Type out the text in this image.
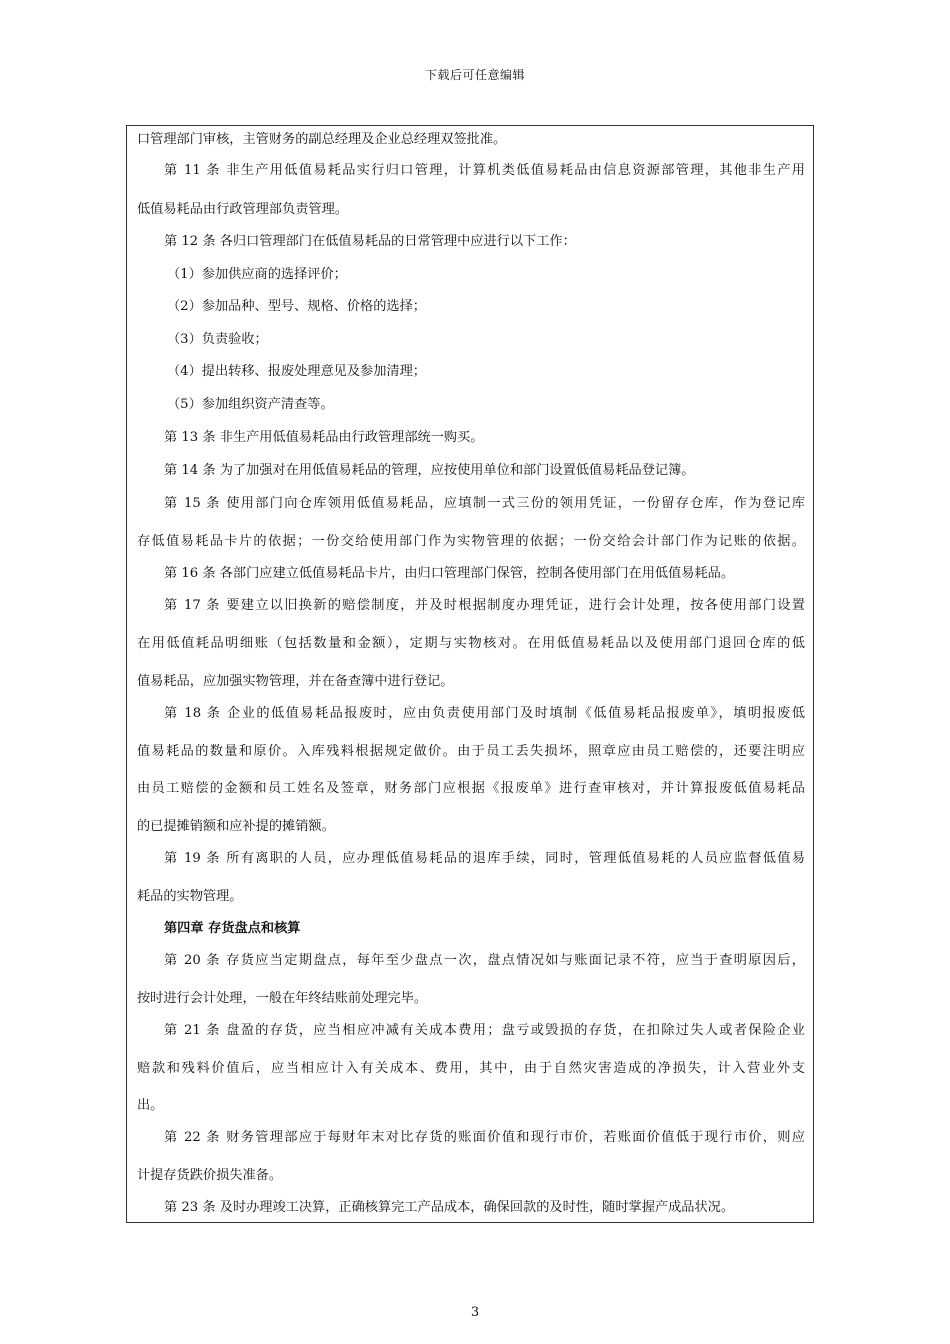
下载后可任意编辑
口管理部门审核，主管财务的副总经理及企业总经理双签批准。
第 11 条 非生产用低值易耗品实行归口管理，计算机类低值易耗品由信息资源部管理，其他非生产用
低值易耗品由行政管理部负责管理。
第 12 条 各归口管理部门在低值易耗品的日常管理中应进行以下工作：
（1）参加供应商的选择评价；
（2）参加品种、型号、规格、价格的选择；
（3）负责验收；
（4）提出转移、报废处理意见及参加清理；
（5）参加组织资产清查等。
第 13 条 非生产用低值易耗品由行政管理部统一购买。
第 14 条 为了加强对在用低值易耗品的管理，应按使用单位和部门设置低值易耗品登记簿。
第 15 条 使用部门向仓库领用低值易耗品，应填制一式三份的领用凭证，一份留存仓库，作为登记库
存低值易耗品卡片的依据；一份交给使用部门作为实物管理的依据；一份交给会计部门作为记账的依据。
第 16 条 各部门应建立低值易耗品卡片，由归口管理部门保管，控制各使用部门在用低值易耗品。
第 17 条 要建立以旧换新的赔偿制度，并及时根据制度办理凭证，进行会计处理，按各使用部门设置
在用低值耗品明细账（包括数量和金额），定期与实物核对。在用低值易耗品以及使用部门退回仓库的低
值易耗品，应加强实物管理，并在备查簿中进行登记。
第 18 条 企业的低值易耗品报废时，应由负责使用部门及时填制《低值易耗品报废单》，填明报废低
值易耗品的数量和原价。入库残料根据规定做价。由于员工丢失损坏，照章应由员工赔偿的，还要注明应
由员工赔偿的金额和员工姓名及签章，财务部门应根据《报废单》进行查审核对，并计算报废低值易耗品
的已提摊销额和应补提的摊销额。
第 19 条 所有离职的人员，应办理低值易耗品的退库手续，同时，管理低值易耗的人员应监督低值易
耗品的实物管理。
第四章 存货盘点和核算
第 20 条 存货应当定期盘点，每年至少盘点一次，盘点情况如与账面记录不符，应当于查明原因后，
按时进行会计处理，一般在年终结账前处理完毕。
第 21 条 盘盈的存货，应当相应冲减有关成本费用；盘亏或毁损的存货，在扣除过失人或者保险企业
赔款和残料价值后，应当相应计入有关成本、费用，其中，由于自然灾害造成的净损失，计入营业外支
出。
第 22 条 财务管理部应于每财年末对比存货的账面价值和现行市价，若账面价值低于现行市价，则应
计提存货跌价损失准备。
第 23 条 及时办理竣工决算，正确核算完工产品成本，确保回款的及时性，随时掌握产成品状况。
3
